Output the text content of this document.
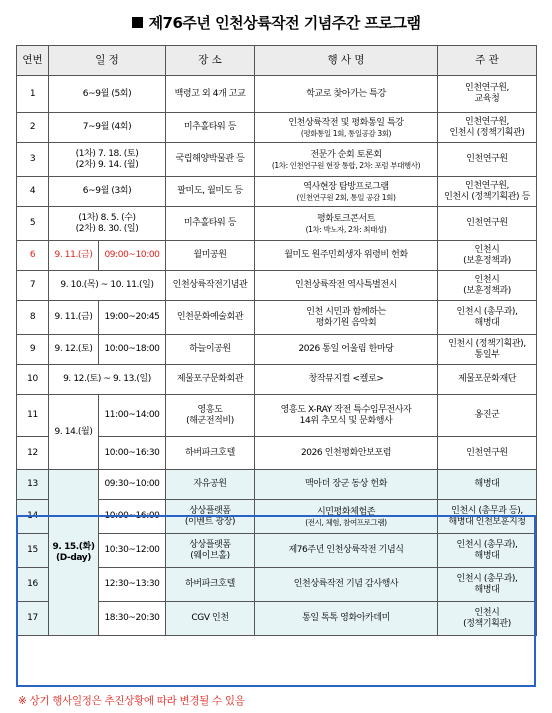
제76주년 인천상륙작전 기념주간 프로그램
연번	일 정		장 소	행 사 명	주 관
1	6~9월 (5회)		백령고 외 4개 고교	학교로 찾아가는 특강	인천연구원,
교육청
2	7~9월 (4회)		미추홀타워 등	인천상륙작전 및 평화통일 특강
(평화통일 1회, 통일공감 3회)	인천연구원,
인천시 (정책기획관)
3	(1차) 7. 18. (토)
(2차) 9. 14. (월)		국립해양박물관 등	전문가 순회 토론회
(1차: 인천연구원 현장 통합, 2차: 포럼 부대행사)	인천연구원
4	6~9월 (3회)		팔미도, 월미도 등	역사현장 탐방프로그램
(인천연구원 2회, 통일 공감 1회)	인천연구원,
인천시 (정책기획관) 등
5	(1차) 8. 5. (수)
(2차) 8. 30. (일)		미추홀타워 등	평화토크콘서트
(1차: 박노자, 2차: 최태성)	인천연구원
6	9. 11.(금)	09:00~10:00	월미공원	월미도 원주민희생자 위령비 헌화	인천시
(보훈정책과)
7	9. 10.(목) ~ 10. 11.(일)		인천상륙작전기념관	인천상륙작전 역사특별전시	인천시
(보훈정책과)
8	9. 11.(금)	19:00~20:45	인천문화예술회관	인천 시민과 함께하는
평화기원 음악회	인천시 (총무과),
해병대
9	9. 12.(토)	10:00~18:00	하늘이공원	2026 통일 어울림 한마당	인천시 (정책기획관),
통일부
10	9. 12.(토) ~ 9. 13.(일)		제물포구문화회관	창작뮤지컬 <켈로>	제물포문화재단
11	9. 14.(월)	11:00~14:00	영흥도
(해군전적비)	영흥도 X-RAY 작전 특수임무전사자
14위 추모식 및 문화행사	옹진군
12		10:00~16:30	하버파크호텔	2026 인천평화안보포럼	인천연구원
13	9. 15.(화)
(D-day)	09:30~10:00	자유공원	맥아더 장군 동상 헌화	해병대
14		10:00~16:00	상상플랫폼
(이벤트 광장)	시민평화체험존
(전시, 체험, 참여프로그램)	인천시 (총무과 등),
해병대 인천보훈지청
15		10:30~12:00	상상플랫폼
(웨이브홀)	제76주년 인천상륙작전 기념식	인천시 (총무과),
해병대
16		12:30~13:30	하버파크호텔	인천상륙작전 기념 감사행사	인천시 (총무과),
해병대
17		18:30~20:30	CGV 인천	통일 톡톡 영화아카데미	인천시
(정책기획관)
※ 상기 행사일정은 추진상황에 따라 변경될 수 있음
